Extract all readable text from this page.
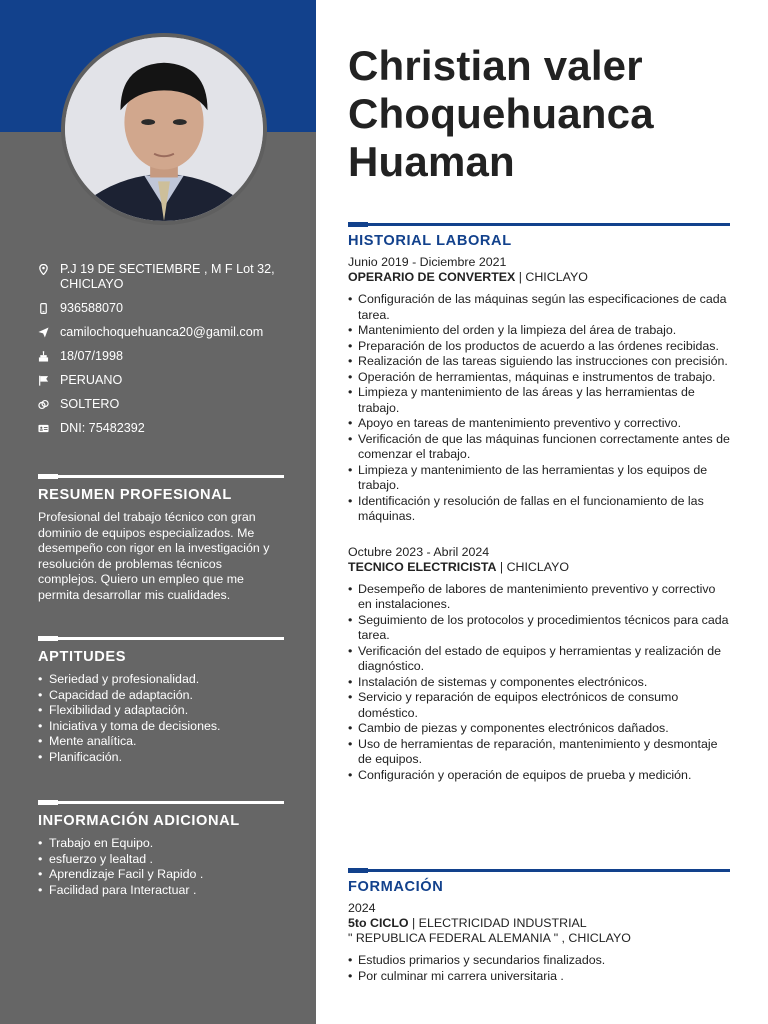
P.J 19 DE SECTIEMBRE , M F Lot 32, CHICLAYO
936588070
camilochoquehuanca20@gamil.com
18/07/1998
PERUANO
SOLTERO
DNI: 75482392
RESUMEN PROFESIONAL
Profesional del trabajo técnico con gran dominio de equipos especializados. Me desempeño con rigor en la investigación y resolución de problemas técnicos complejos. Quiero un empleo que me permita desarrollar mis cualidades.
APTITUDES
• Seriedad y profesionalidad.
• Capacidad de adaptación.
• Flexibilidad y adaptación.
• Iniciativa y toma de decisiones.
• Mente analítica.
• Planificación.
INFORMACIÓN ADICIONAL
• Trabajo en Equipo.
• esfuerzo y lealtad .
• Aprendizaje Facil y Rapido .
• Facilidad para Interactuar .
Christian valer
Choquehuanca
Huaman
HISTORIAL LABORAL
Junio 2019 - Diciembre 2021
OPERARIO DE CONVERTEX | CHICLAYO
• Configuración de las máquinas según las especificaciones de cada tarea.
• Mantenimiento del orden y la limpieza del área de trabajo.
• Preparación de los productos de acuerdo a las órdenes recibidas.
• Realización de las tareas siguiendo las instrucciones con precisión.
• Operación de herramientas, máquinas e instrumentos de trabajo.
• Limpieza y mantenimiento de las áreas y las herramientas de trabajo.
• Apoyo en tareas de mantenimiento preventivo y correctivo.
• Verificación de que las máquinas funcionen correctamente antes de comenzar el trabajo.
• Limpieza y mantenimiento de las herramientas y los equipos de trabajo.
• Identificación y resolución de fallas en el funcionamiento de las máquinas.
Octubre 2023 - Abril 2024
TECNICO ELECTRICISTA | CHICLAYO
• Desempeño de labores de mantenimiento preventivo y correctivo en instalaciones.
• Seguimiento de los protocolos y procedimientos técnicos para cada tarea.
• Verificación del estado de equipos y herramientas y realización de diagnóstico.
• Instalación de sistemas y componentes electrónicos.
• Servicio y reparación de equipos electrónicos de consumo doméstico.
• Cambio de piezas y componentes electrónicos dañados.
• Uso de herramientas de reparación, mantenimiento y desmontaje de equipos.
• Configuración y operación de equipos de prueba y medición.
FORMACIÓN
2024
5to CICLO | ELECTRICIDAD INDUSTRIAL
" REPUBLICA FEDERAL ALEMANIA " , CHICLAYO
• Estudios primarios y secundarios finalizados.
• Por culminar mi carrera universitaria .
